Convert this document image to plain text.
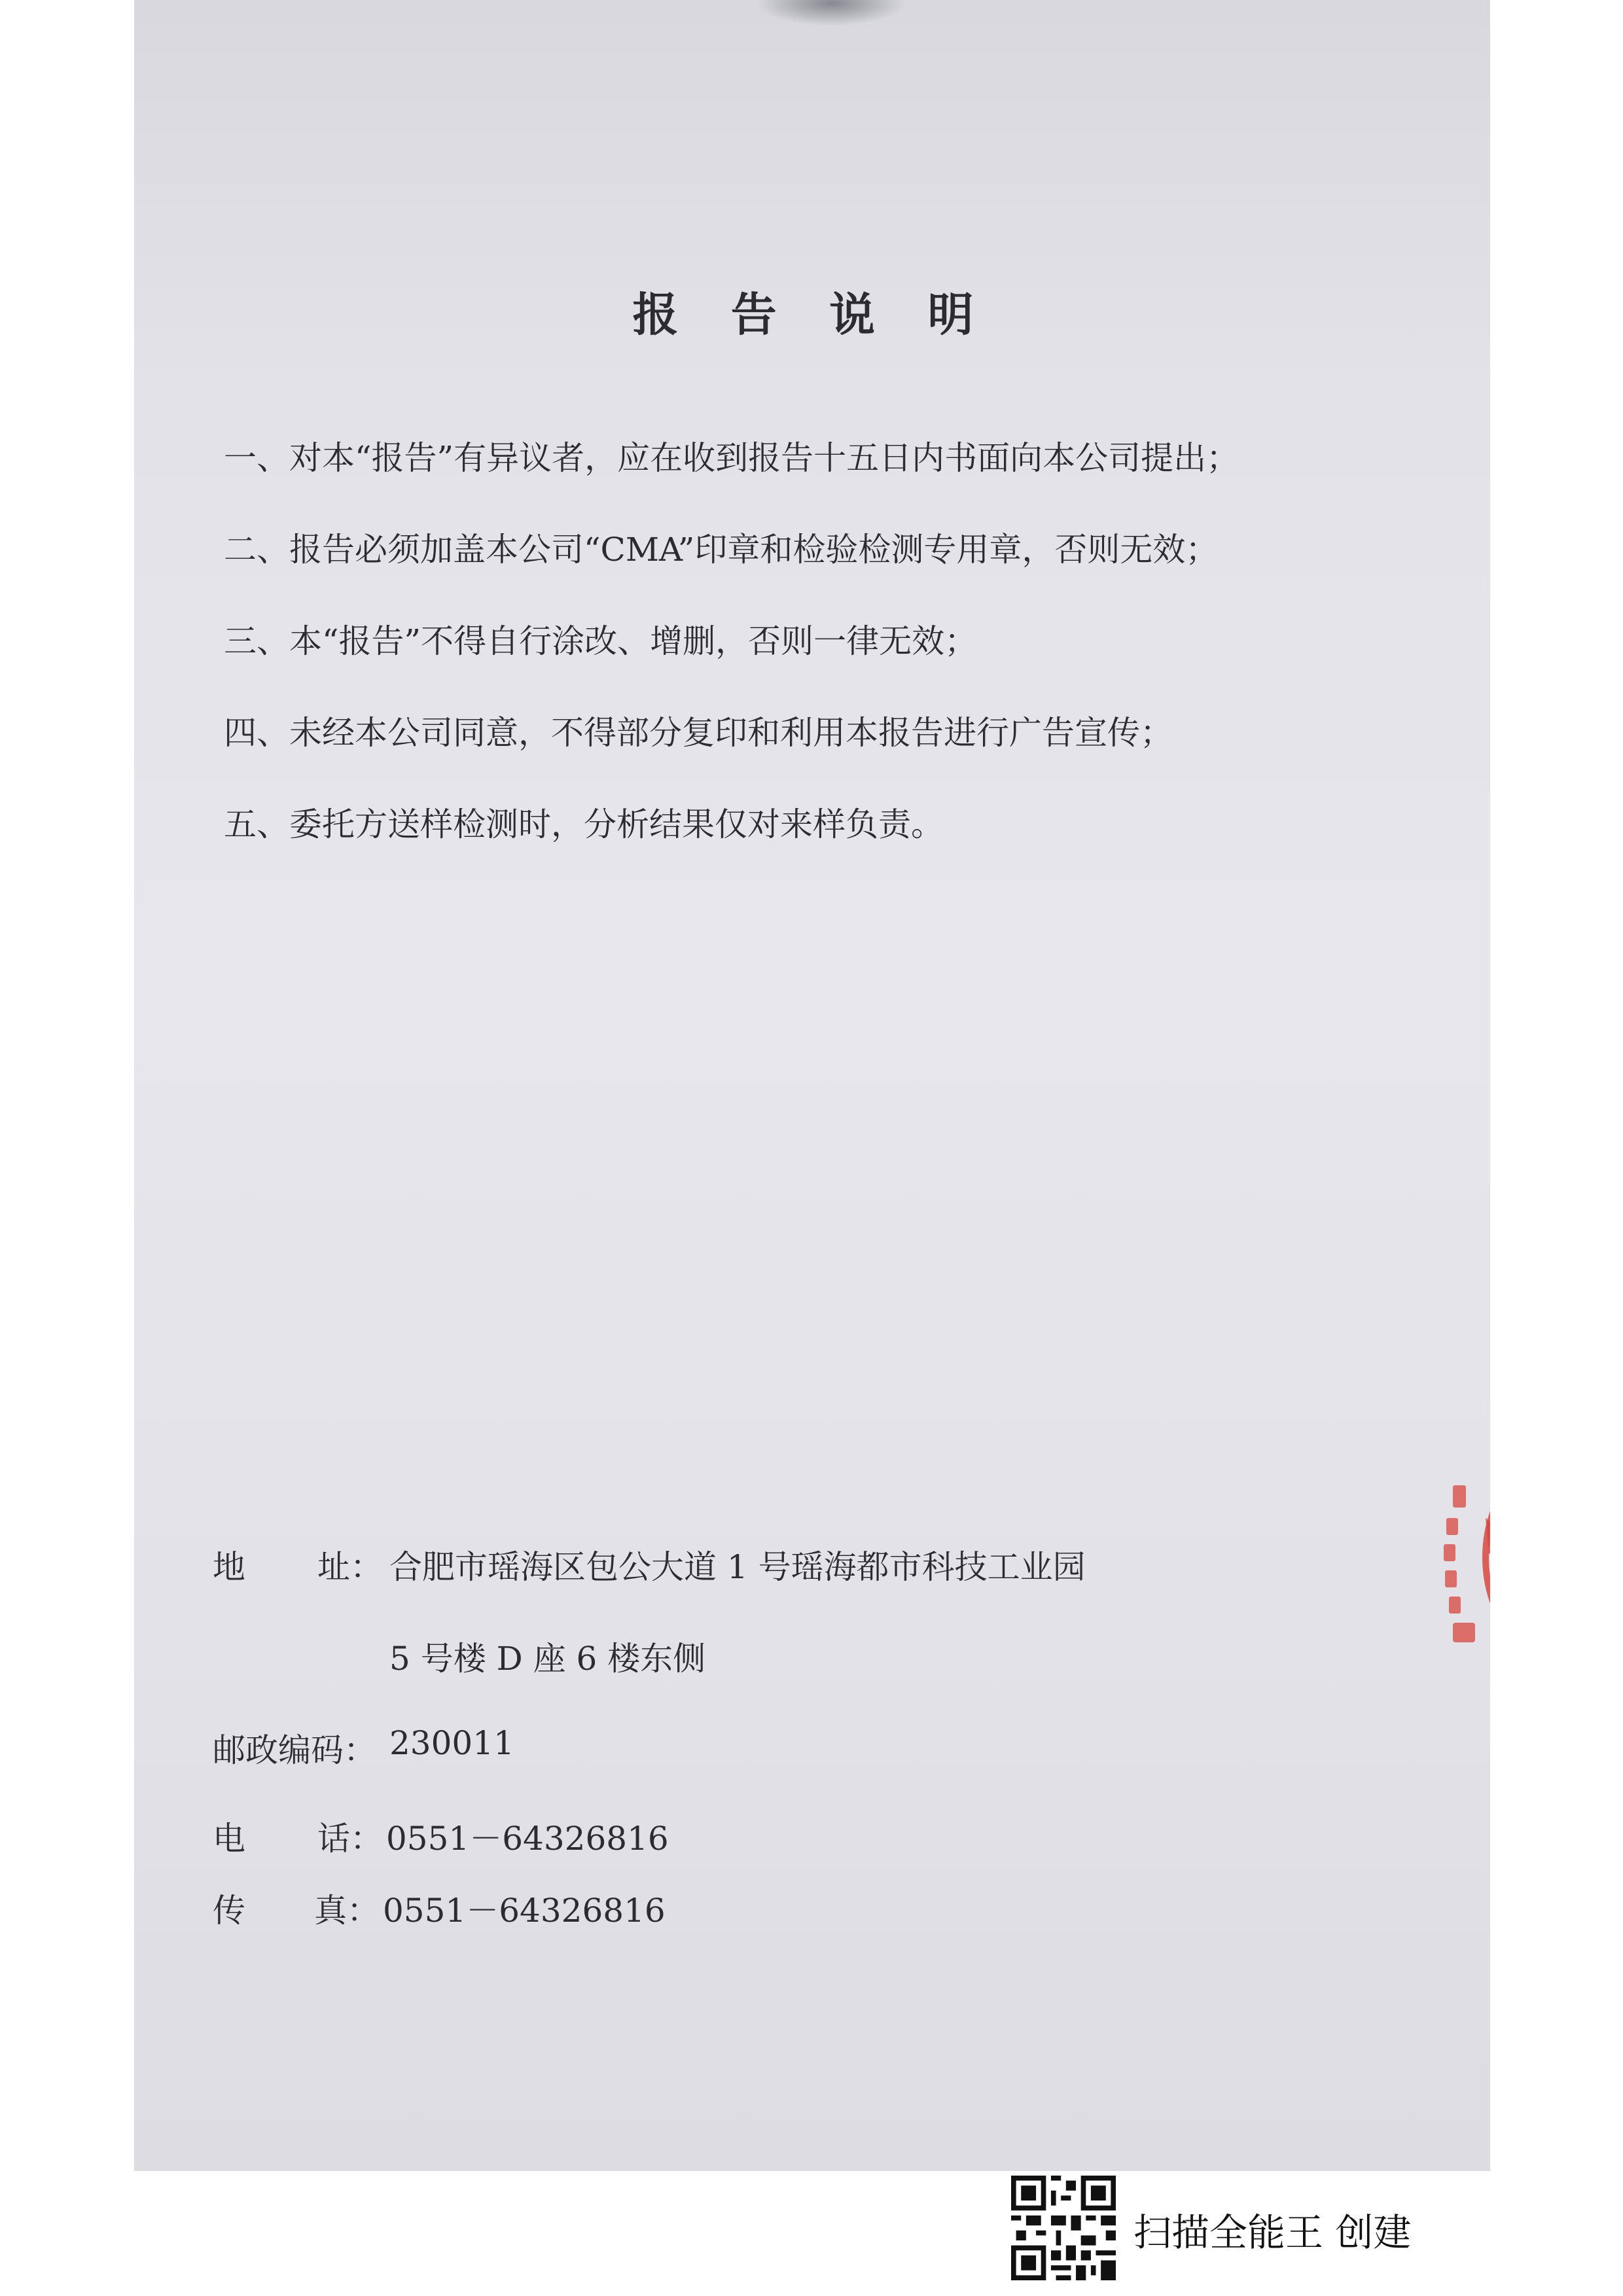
报 告 说 明
一、对本“报告”有异议者，应在收到报告十五日内书面向本公司提出；
二、报告必须加盖本公司“CMA”印章和检验检测专用章，否则无效；
三、本“报告”不得自行涂改、增删，否则一律无效；
四、未经本公司同意，不得部分复印和利用本报告进行广告宣传；
五、委托方送样检测时，分析结果仅对来样负责。
地 址： 合肥市瑶海区包公大道 1 号瑶海都市科技工业园
5 号楼 D 座 6 楼东侧
邮政编码： 230011
电 话： 0551－64326816
传 真： 0551－64326816
扫描全能王 创建
